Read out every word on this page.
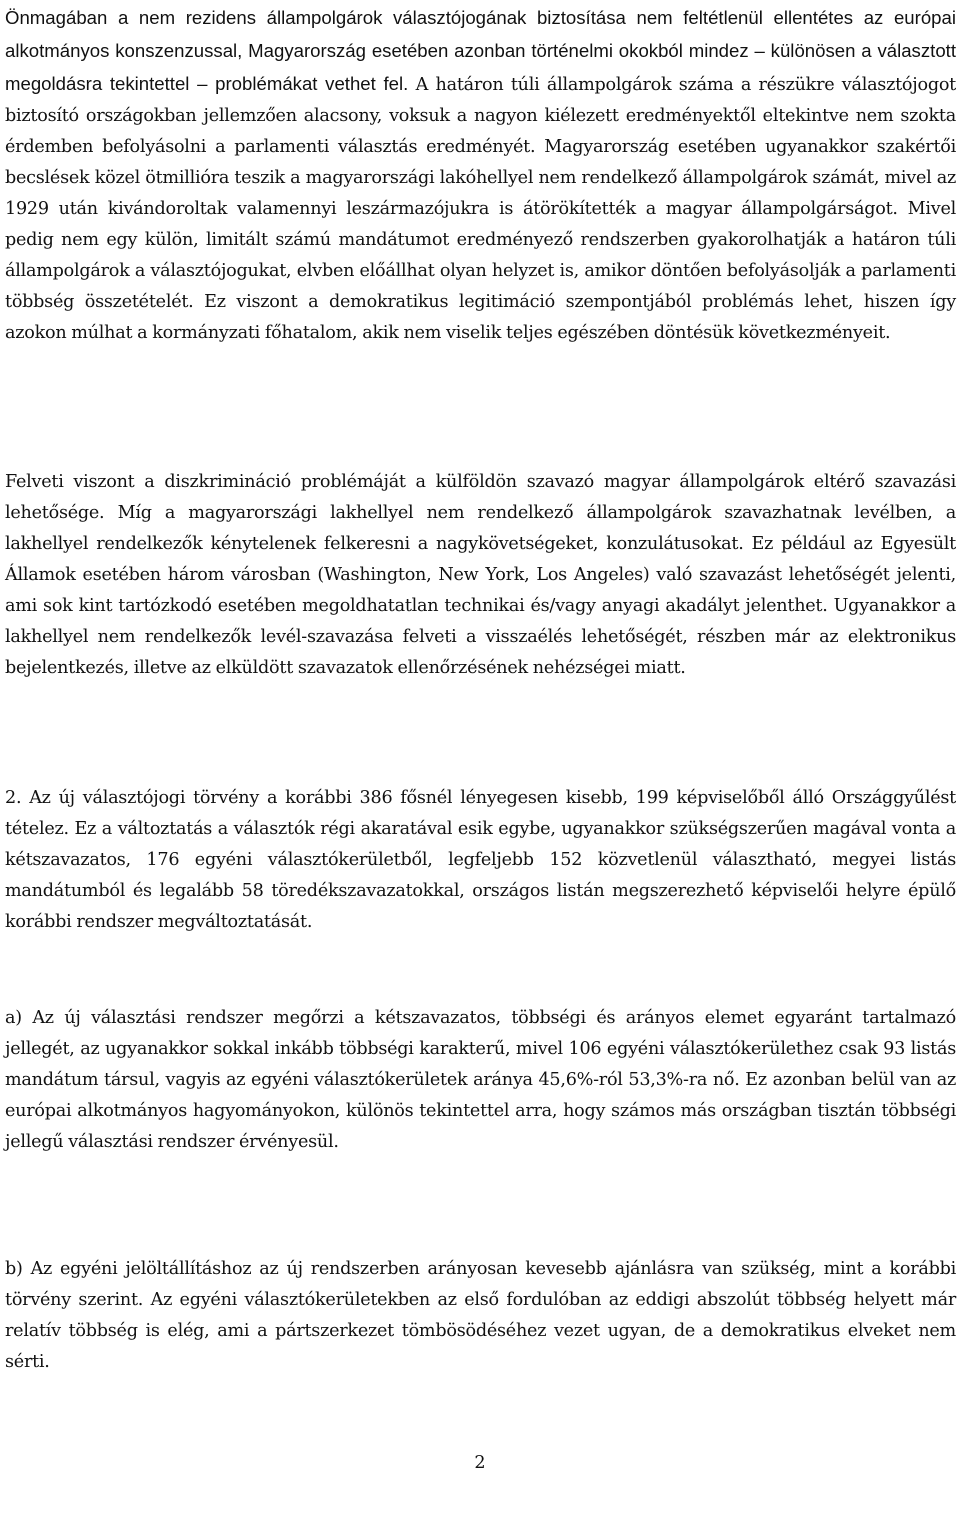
Önmagában a nem rezidens állampolgárok választójogának biztosítása nem feltétlenül ellentétes az európai alkotmányos konszenzussal, Magyarország esetében azonban történelmi okokból mindez – különösen a választott megoldásra tekintettel – problémákat vethet fel. A határon túli állampolgárok száma a részükre választójogot biztosító országokban jellemzően alacsony, voksuk a nagyon kiélezett eredményektől eltekintve nem szokta érdemben befolyásolni a parlamenti választás eredményét. Magyarország esetében ugyanakkor szakértői becslések közel ötmillióra teszik a magyarországi lakóhellyel nem rendelkező állampolgárok számát, mivel az 1929 után kivándoroltak valamennyi leszármazójukra is átörökítették a magyar állampolgárságot. Mivel pedig nem egy külön, limitált számú mandátumot eredményező rendszerben gyakorolhatják a határon túli állampolgárok a választójogukat, elvben előállhat olyan helyzet is, amikor döntően befolyásolják a parlamenti többség összetételét. Ez viszont a demokratikus legitimáció szempontjából problémás lehet, hiszen így azokon múlhat a kormányzati főhatalom, akik nem viselik teljes egészében döntésük következményeit.

Felveti viszont a diszkrimináció problémáját a külföldön szavazó magyar állampolgárok eltérő szavazási lehetősége. Míg a magyarországi lakhellyel nem rendelkező állampolgárok szavazhatnak levélben, a lakhellyel rendelkezők kénytelenek felkeresni a nagykövetségeket, konzulátusokat. Ez például az Egyesült Államok esetében három városban (Washington, New York, Los Angeles) való szavazást lehetőségét jelenti, ami sok kint tartózkodó esetében megoldhatatlan technikai és/vagy anyagi akadályt jelenthet. Ugyanakkor a lakhellyel nem rendelkezők levél-szavazása felveti a visszaélés lehetőségét, részben már az elektronikus bejelentkezés, illetve az elküldött szavazatok ellenőrzésének nehézségei miatt.

2. Az új választójogi törvény a korábbi 386 fősnél lényegesen kisebb, 199 képviselőből álló Országgyűlést tételez. Ez a változtatás a választók régi akaratával esik egybe, ugyanakkor szükségszerűen magával vonta a kétszavazatos, 176 egyéni választókerületből, legfeljebb 152 közvetlenül választható, megyei listás mandátumból és legalább 58 töredékszavazatokkal, országos listán megszerezhető képviselői helyre épülő korábbi rendszer megváltoztatását.

a) Az új választási rendszer megőrzi a kétszavazatos, többségi és arányos elemet egyaránt tartalmazó jellegét, az ugyanakkor sokkal inkább többségi karakterű, mivel 106 egyéni választókerülethez csak 93 listás mandátum társul, vagyis az egyéni választókerületek aránya 45,6%-ról 53,3%-ra nő. Ez azonban belül van az európai alkotmányos hagyományokon, különös tekintettel arra, hogy számos más országban tisztán többségi jellegű választási rendszer érvényesül.

b) Az egyéni jelöltállításhoz az új rendszerben arányosan kevesebb ajánlásra van szükség, mint a korábbi törvény szerint. Az egyéni választókerületekben az első fordulóban az eddigi abszolút többség helyett már relatív többség is elég, ami a pártszerkezet tömbösödéséhez vezet ugyan, de a demokratikus elveket nem sérti.

2
